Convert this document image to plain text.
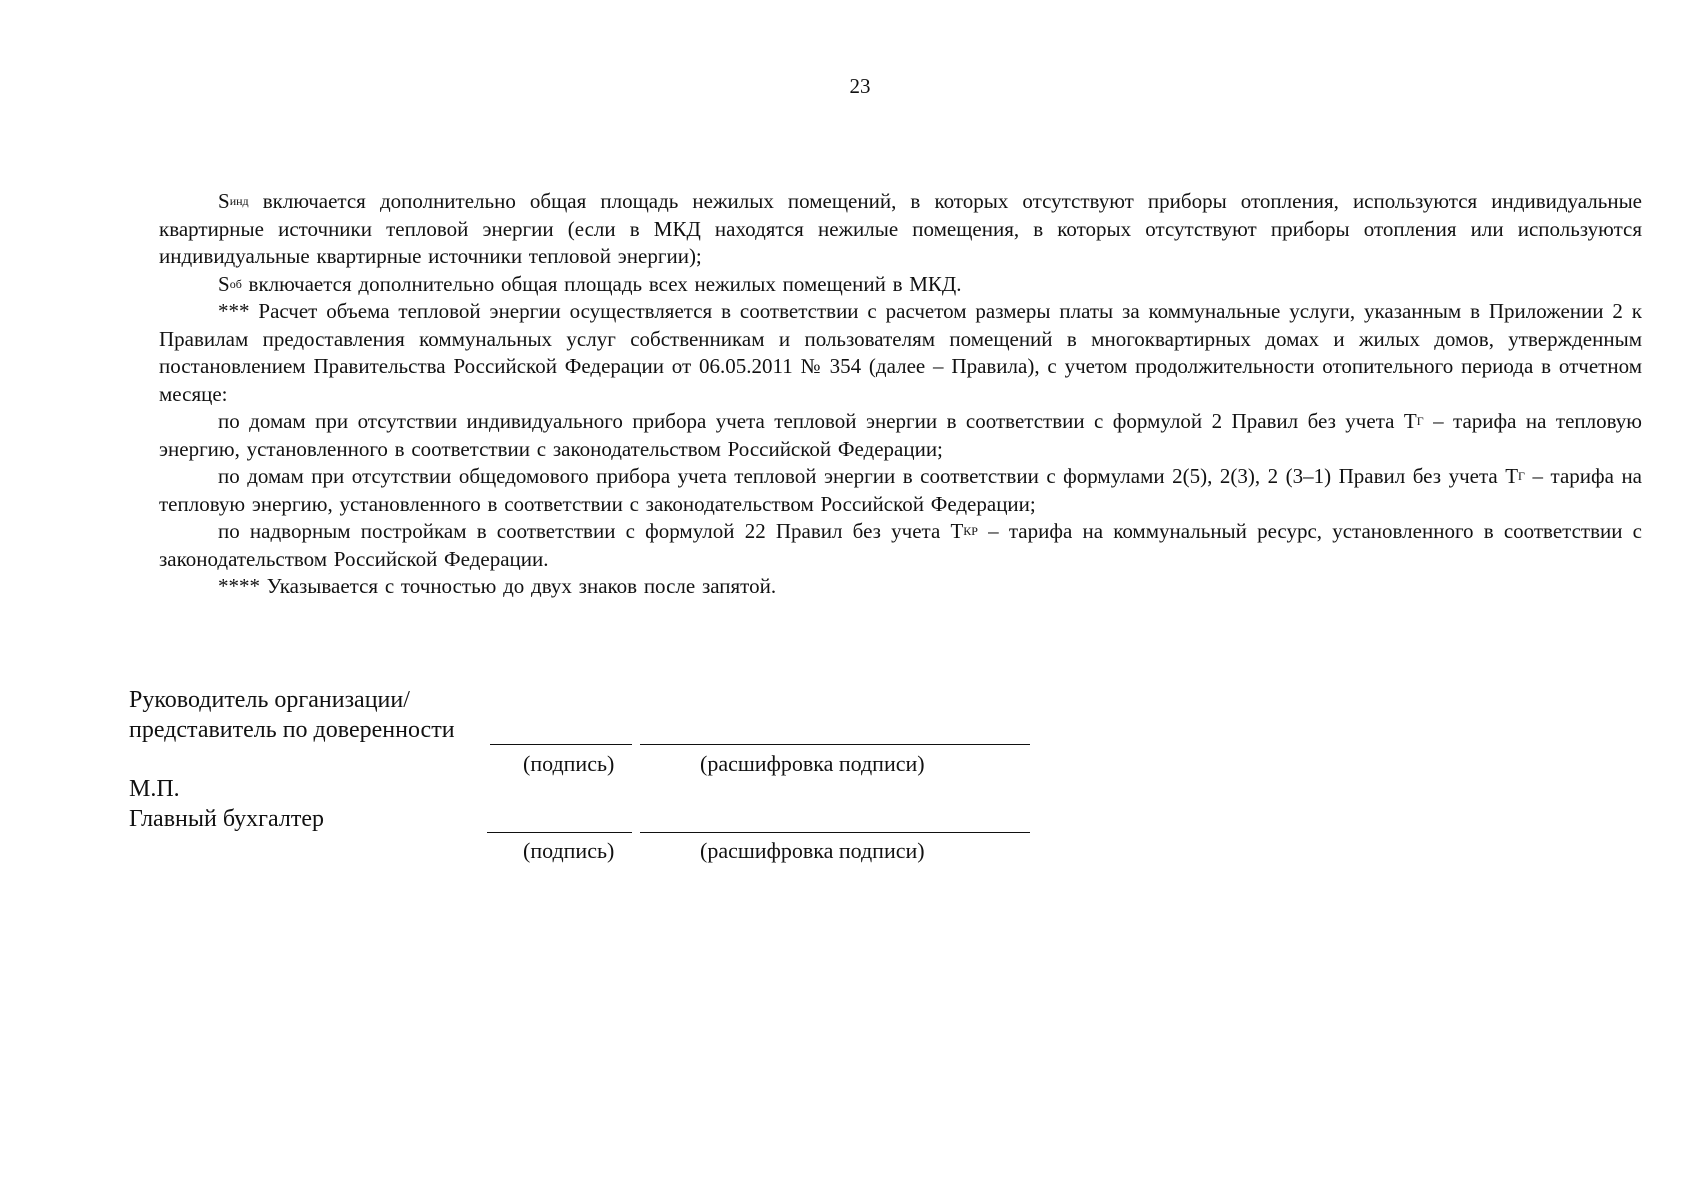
23

$S^{инд}$ включается дополнительно общая площадь нежилых помещений, в которых отсутствуют приборы отопления, используются индивидуальные квартирные источники тепловой энергии (если в МКД находятся нежилые помещения, в которых отсутствуют приборы отопления или используются индивидуальные квартирные источники тепловой энергии);

$S^{об}$ включается дополнительно общая площадь всех нежилых помещений в МКД.

*** Расчет объема тепловой энергии осуществляется в соответствии с расчетом размеры платы за коммунальные услуги, указанным в Приложении 2 к Правилам предоставления коммунальных услуг собственникам и пользователям помещений в многоквартирных домах и жилых домов, утвержденным постановлением Правительства Российской Федерации от 06.05.2011 № 354 (далее – Правила), с учетом продолжительности отопительного периода в отчетном месяце:

по домам при отсутствии индивидуального прибора учета тепловой энергии в соответствии с формулой 2 Правил без учета $Т^Г$ – тарифа на тепловую энергию, установленного в соответствии с законодательством Российской Федерации;

по домам при отсутствии общедомового прибора учета тепловой энергии в соответствии с формулами 2(5), 2(3), 2 (3–1) Правил без учета $Т^Г$ – тарифа на тепловую энергию, установленного в соответствии с законодательством Российской Федерации;

по надворным постройкам в соответствии с формулой 22 Правил без учета $Т^{КР}$ – тарифа на коммунальный ресурс, установленного в соответствии с законодательством Российской Федерации.

**** Указывается с точностью до двух знаков после запятой.

Руководитель организации/
представитель по доверенности
(подпись)	(расшифровка подписи)
М.П.
Главный бухгалтер
(подпись)	(расшифровка подписи)
